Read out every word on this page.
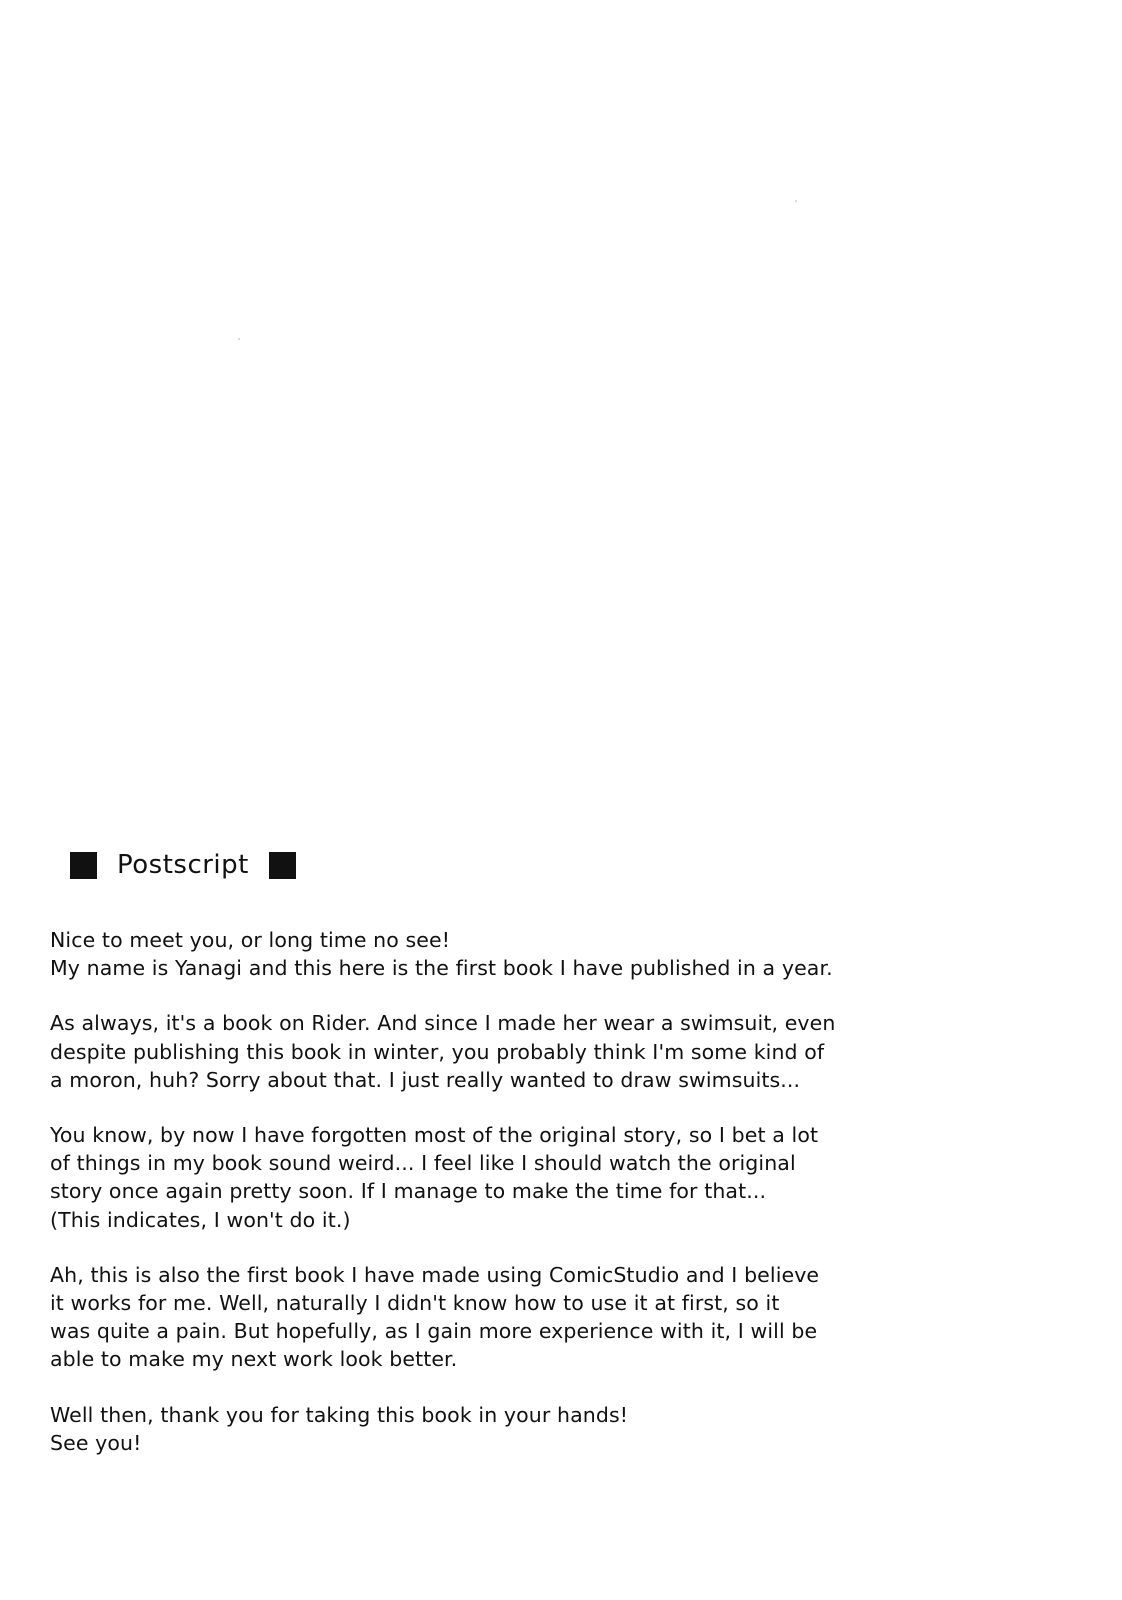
Postscript
Nice to meet you, or long time no see!
My name is Yanagi and this here is the first book I have published in a year.
As always, it's a book on Rider. And since I made her wear a swimsuit, even
despite publishing this book in winter, you probably think I'm some kind of
a moron, huh? Sorry about that. I just really wanted to draw swimsuits...
You know, by now I have forgotten most of the original story, so I bet a lot
of things in my book sound weird... I feel like I should watch the original
story once again pretty soon. If I manage to make the time for that...
(This indicates, I won't do it.)
Ah, this is also the first book I have made using ComicStudio and I believe
it works for me. Well, naturally I didn't know how to use it at first, so it
was quite a pain. But hopefully, as I gain more experience with it, I will be
able to make my next work look better.
Well then, thank you for taking this book in your hands!
See you!
